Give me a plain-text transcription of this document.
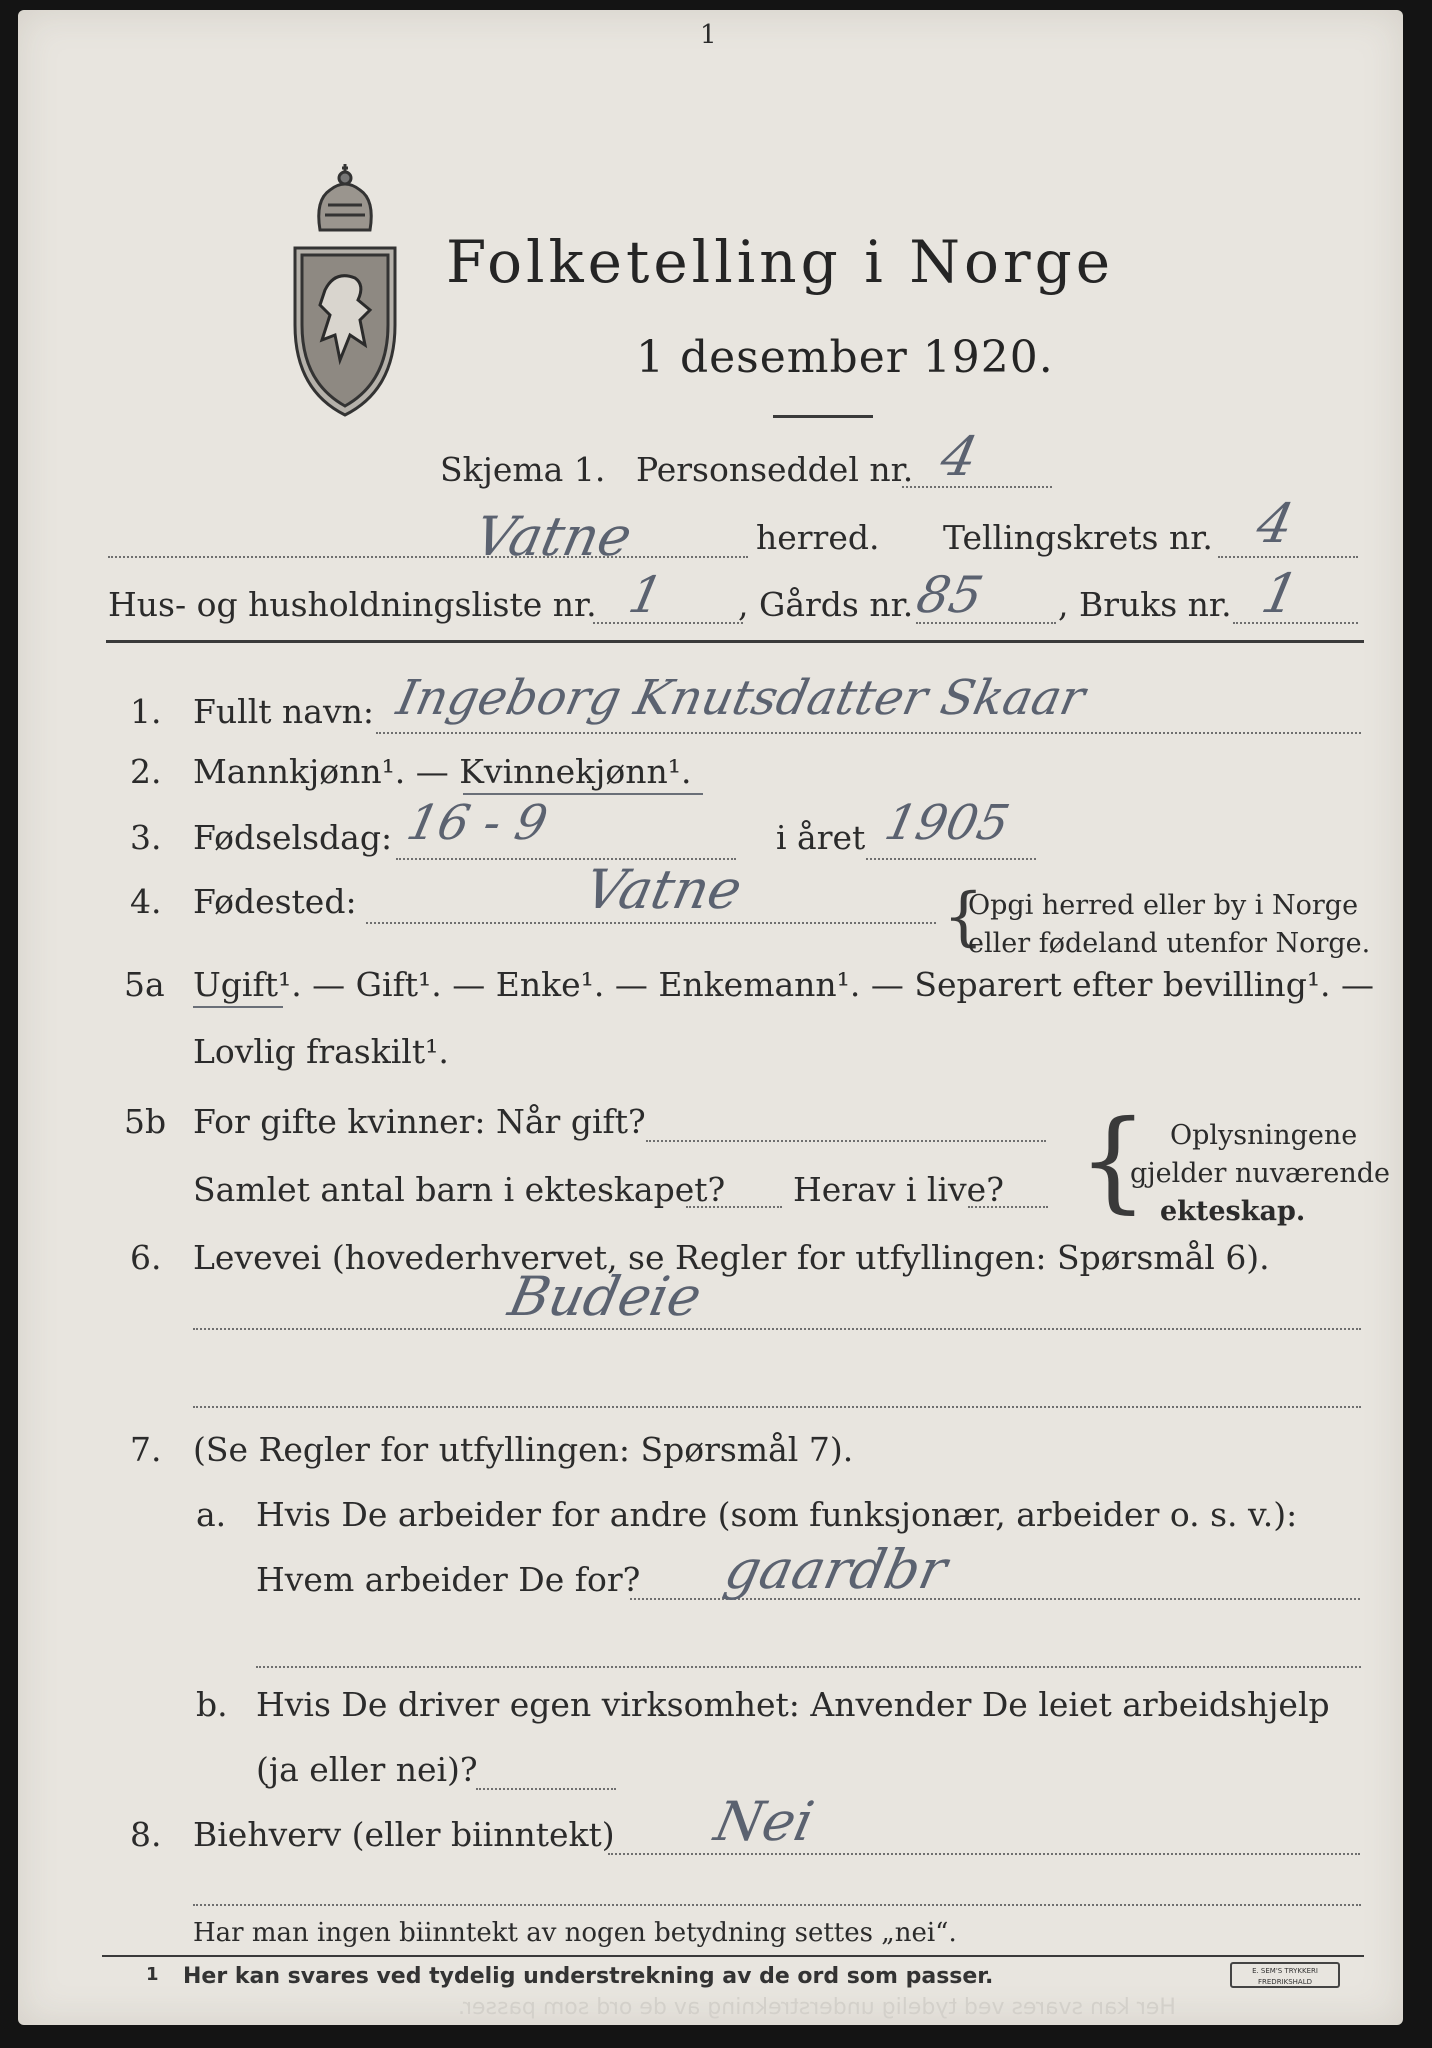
1
Folketelling i Norge
1 desember 1920.
Skjema 1. Personseddel nr. 4
Vatne	herred. Tellingskrets nr. 4
Hus- og husholdningsliste nr. 1 , Gårds nr.
85 , Bruks nr. 1
1. Fullt navn: Ingeborg Knutsdatter Skaar
2. Mannkjønn¹. — Kvinnekjønn¹.
3. Fødselsdag: 16 - 9	i året 1905
4. Fødested:	Vatne	{
Opgi herred eller by i Norge
eller fødeland utenfor Norge.
5a Ugift¹. — Gift¹. — Enke¹. — Enkemann¹. — Separert efter bevilling¹. —
Lovlig fraskilt¹.
5b For gifte kvinner: Når gift?
Samlet antal barn i ekteskapet? Herav i live? { Oplysningene
gjelder nuværende
ekteskap.
6. Levevei (hovederhvervet, se Regler for utfyllingen: Spørsmål 6).
Budeie
7. (Se Regler for utfyllingen: Spørsmål 7).
a. Hvis De arbeider for andre (som funksjonær, arbeider o. s. v.):
Hvem arbeider De for? gaardbr
b. Hvis De driver egen virksomhet: Anvender De leiet arbeidshjelp
(ja eller nei)?
8. Biehverv (eller biinntekt) Nei
Har man ingen biinntekt av nogen betydning settes „nei“.
1 Her kan svares ved tydelig understrekning av de ord som passer.	E. SEM'S TRYKKERI FREDRIKSHALD
Her kan svares ved tydelig understrekning av de ord som passer.
